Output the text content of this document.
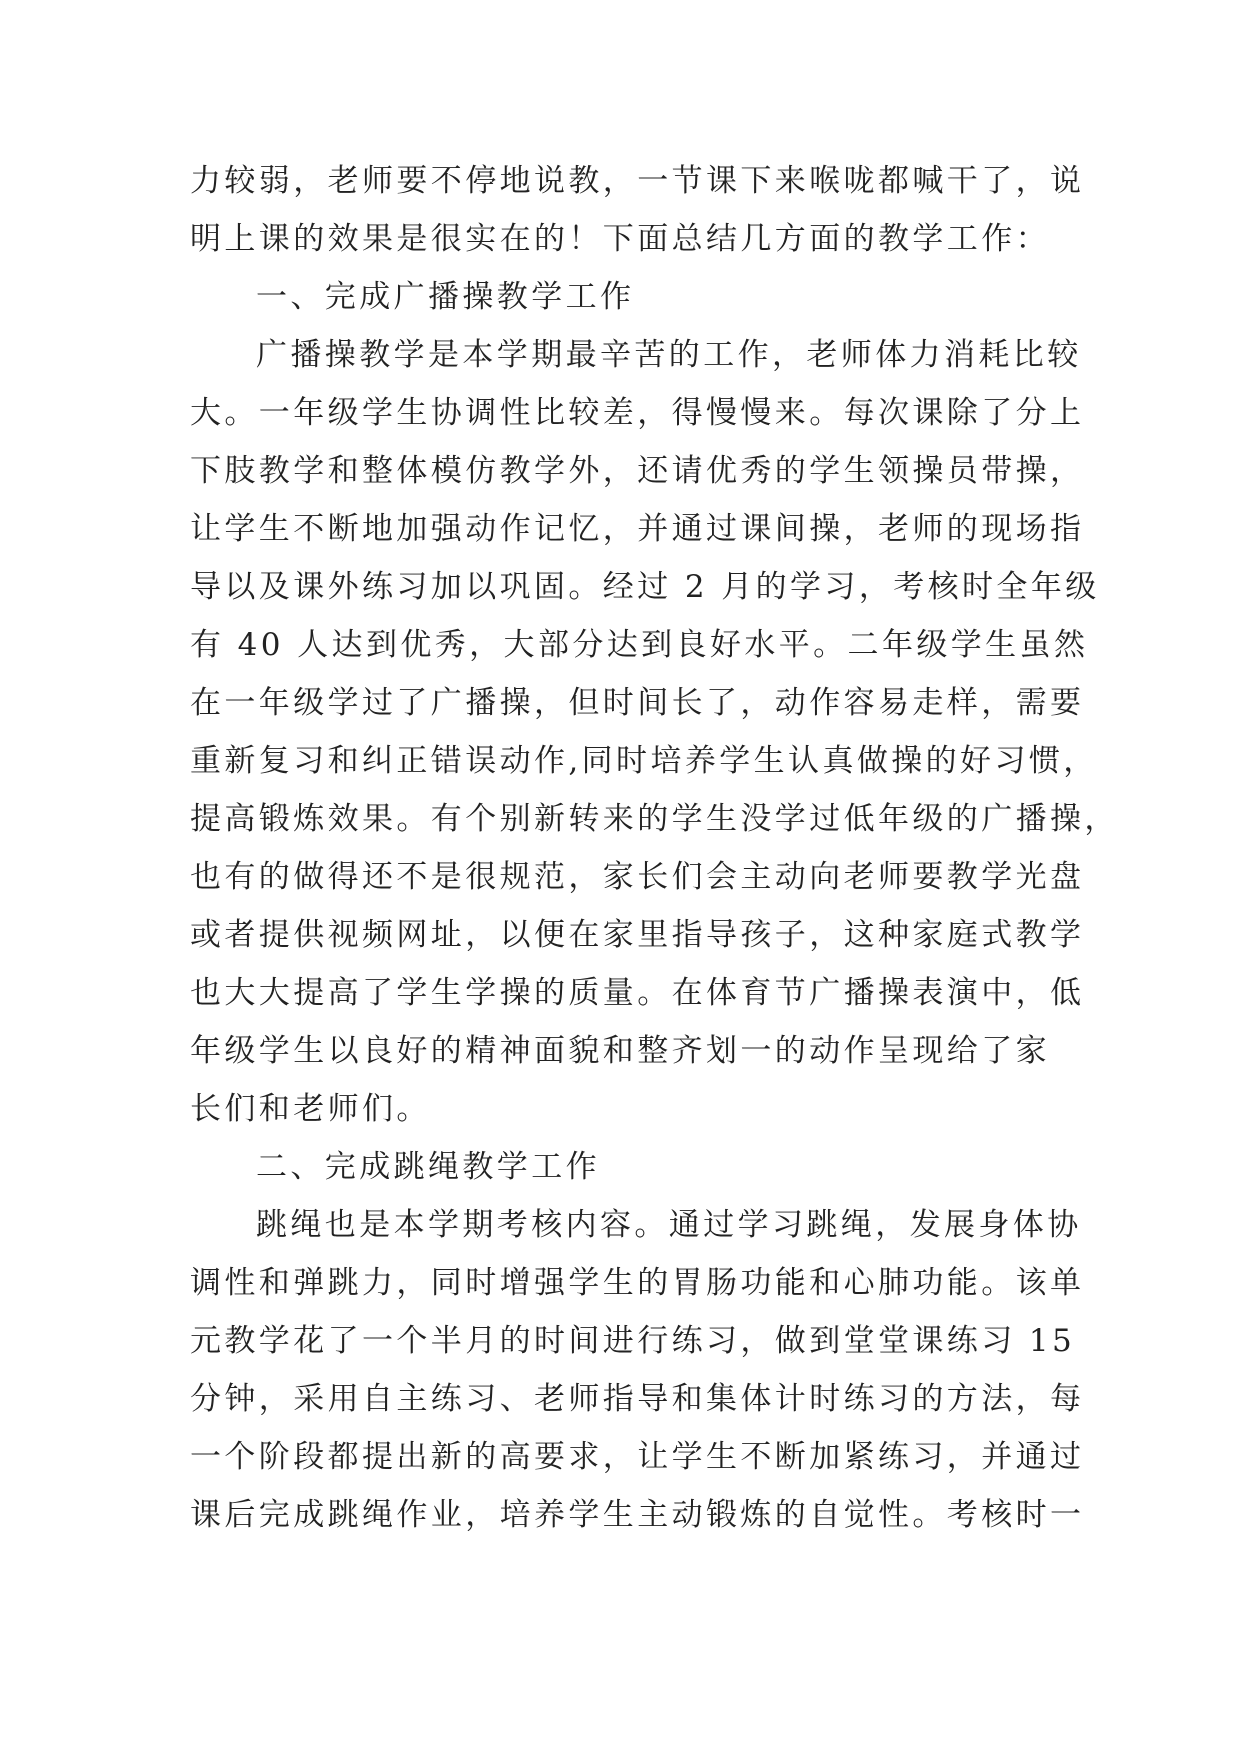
力较弱，老师要不停地说教，一节课下来喉咙都喊干了，说
明上课的效果是很实在的！下面总结几方面的教学工作：
一、完成广播操教学工作
广播操教学是本学期最辛苦的工作，老师体力消耗比较
大。一年级学生协调性比较差，得慢慢来。每次课除了分上
下肢教学和整体模仿教学外，还请优秀的学生领操员带操，
让学生不断地加强动作记忆，并通过课间操，老师的现场指
导以及课外练习加以巩固。经过 2 月的学习，考核时全年级
有 40 人达到优秀，大部分达到良好水平。二年级学生虽然
在一年级学过了广播操，但时间长了，动作容易走样，需要
重新复习和纠正错误动作,同时培养学生认真做操的好习惯，
提高锻炼效果。有个别新转来的学生没学过低年级的广播操，
也有的做得还不是很规范，家长们会主动向老师要教学光盘
或者提供视频网址，以便在家里指导孩子，这种家庭式教学
也大大提高了学生学操的质量。在体育节广播操表演中，低
年级学生以良好的精神面貌和整齐划一的动作呈现给了家
长们和老师们。
二、完成跳绳教学工作
跳绳也是本学期考核内容。通过学习跳绳，发展身体协
调性和弹跳力，同时增强学生的胃肠功能和心肺功能。该单
元教学花了一个半月的时间进行练习，做到堂堂课练习 15
分钟，采用自主练习、老师指导和集体计时练习的方法，每
一个阶段都提出新的高要求，让学生不断加紧练习，并通过
课后完成跳绳作业，培养学生主动锻炼的自觉性。考核时一
